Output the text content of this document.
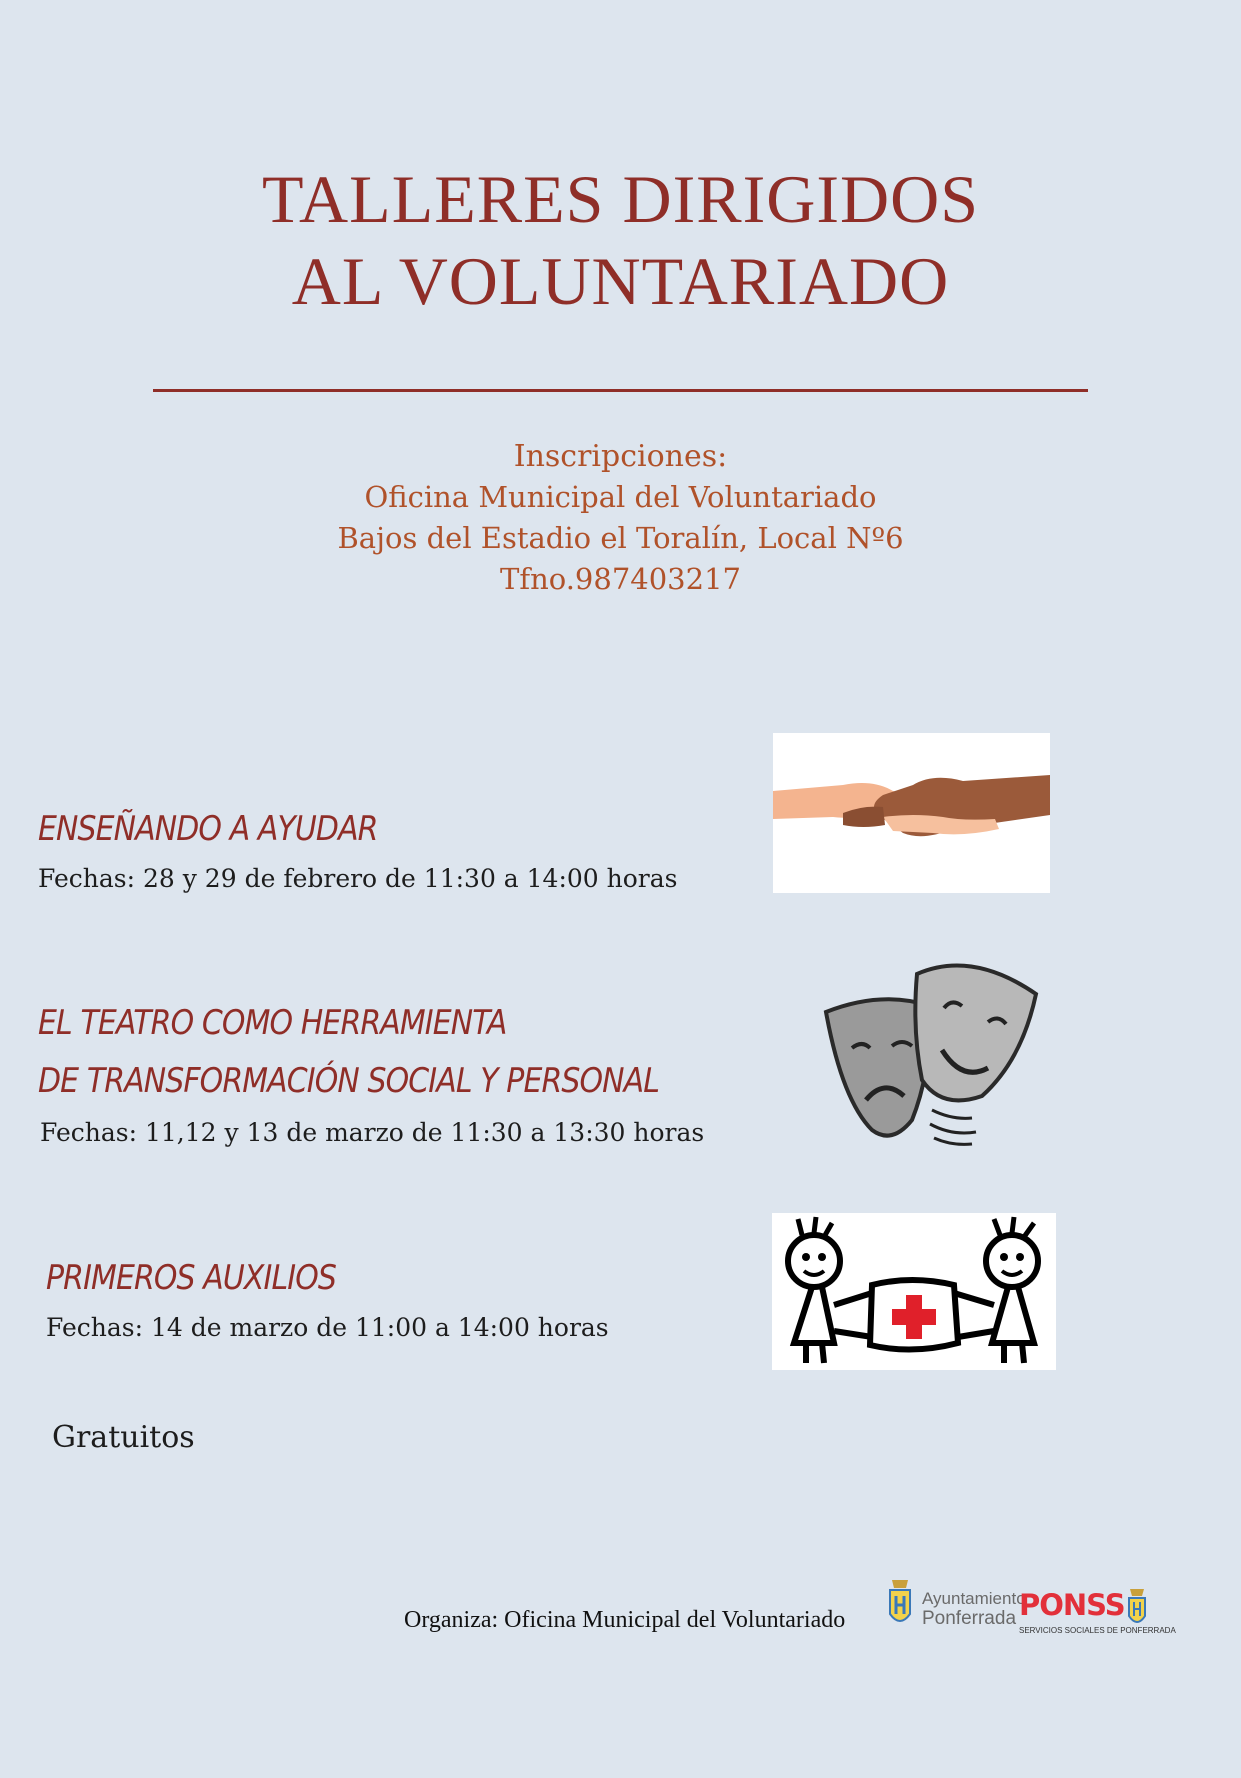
TALLERES DIRIGIDOS
AL VOLUNTARIADO
Inscripciones:
Oficina Municipal del Voluntariado
Bajos del Estadio el Toralín, Local Nº6
Tfno.987403217
ENSEÑANDO A AYUDAR
Fechas: 28 y 29 de febrero de 11:30 a 14:00 horas
EL TEATRO COMO HERRAMIENTA
DE TRANSFORMACIÓN SOCIAL Y PERSONAL
Fechas: 11,12 y 13 de marzo de 11:30 a 13:30 horas
PRIMEROS AUXILIOS
Fechas: 14 de marzo de 11:00 a 14:00 horas
Gratuitos
Organiza: Oficina Municipal del Voluntariado
Ayuntamiento
Ponferrada PONSS
SERVICIOS SOCIALES DE PONFERRADA
